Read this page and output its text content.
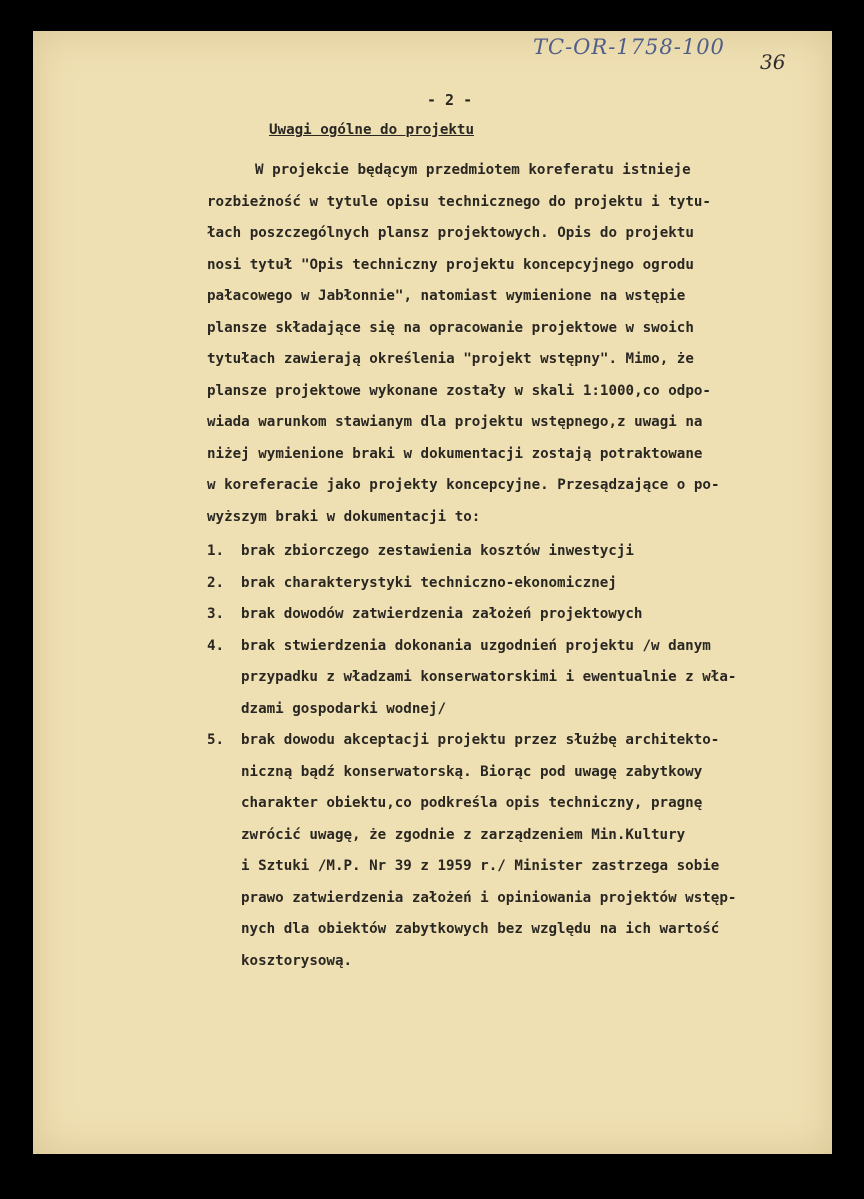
TC-OR-1758-100
36
- 2 -
Uwagi ogólne do projektu
W projekcie będącym przedmiotem koreferatu istnieje
rozbieżność w tytule opisu technicznego do projektu i tytu-
łach poszczególnych plansz projektowych. Opis do projektu
nosi tytuł "Opis techniczny projektu koncepcyjnego ogrodu
pałacowego w Jabłonnie", natomiast wymienione na wstępie
plansze składające się na opracowanie projektowe w swoich
tytułach zawierają określenia "projekt wstępny". Mimo, że
plansze projektowe wykonane zostały w skali 1:1000,co odpo-
wiada warunkom stawianym dla projektu wstępnego,z uwagi na
niżej wymienione braki w dokumentacji zostają potraktowane
w koreferacie jako projekty koncepcyjne. Przesądzające o po-
wyższym braki w dokumentacji to:
1. brak zbiorczego zestawienia kosztów inwestycji
2. brak charakterystyki techniczno-ekonomicznej
3. brak dowodów zatwierdzenia założeń projektowych
4. brak stwierdzenia dokonania uzgodnień projektu /w danym
przypadku z władzami konserwatorskimi i ewentualnie z wła-
dzami gospodarki wodnej/
5. brak dowodu akceptacji projektu przez służbę architekto-
niczną bądź konserwatorską. Biorąc pod uwagę zabytkowy
charakter obiektu,co podkreśla opis techniczny, pragnę
zwrócić uwagę, że zgodnie z zarządzeniem Min.Kultury
i Sztuki /M.P. Nr 39 z 1959 r./ Minister zastrzega sobie
prawo zatwierdzenia założeń i opiniowania projektów wstęp-
nych dla obiektów zabytkowych bez względu na ich wartość
kosztorysową.
